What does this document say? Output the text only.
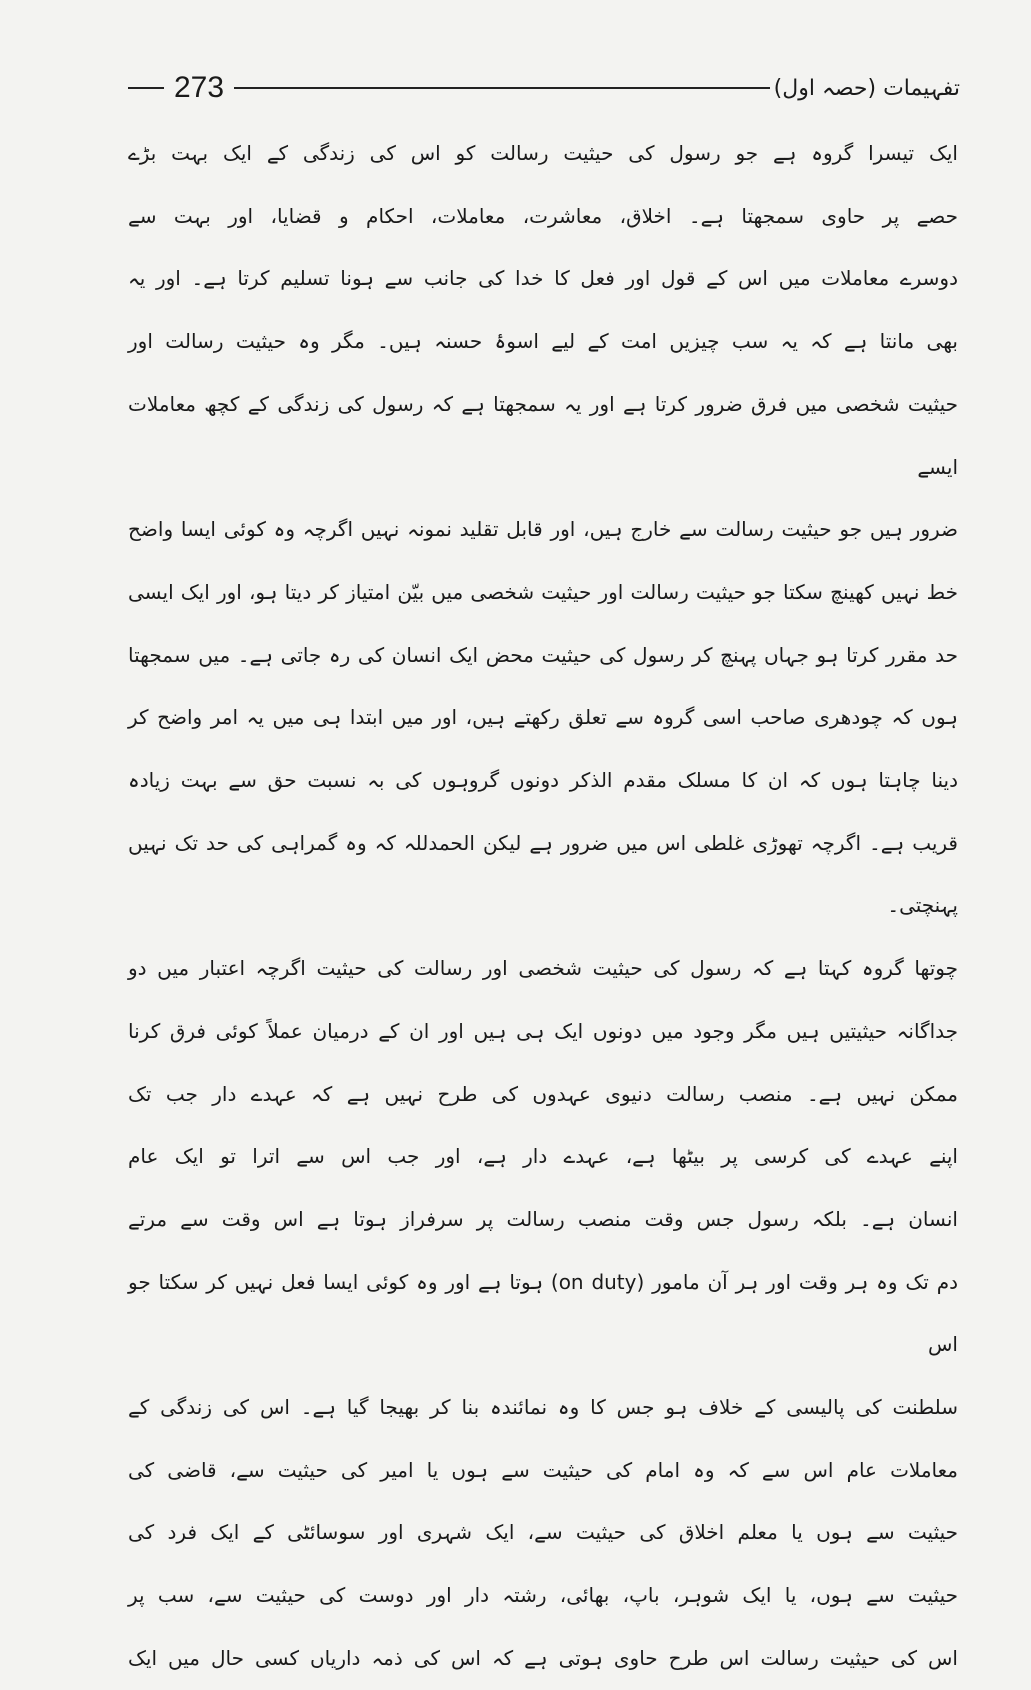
273	تفہیمات (حصہ اول)
ایک تیسرا گروہ ہے جو رسول کی حیثیت رسالت کو اس کی زندگی کے ایک بہت بڑے
حصے پر حاوی سمجھتا ہے۔ اخلاق، معاشرت، معاملات، احکام و قضایا، اور بہت سے
دوسرے معاملات میں اس کے قول اور فعل کا خدا کی جانب سے ہونا تسلیم کرتا ہے۔ اور یہ
بھی مانتا ہے کہ یہ سب چیزیں امت کے لیے اسوۂ حسنہ ہیں۔ مگر وہ حیثیت رسالت اور
حیثیت شخصی میں فرق ضرور کرتا ہے اور یہ سمجھتا ہے کہ رسول کی زندگی کے کچھ معاملات ایسے
ضرور ہیں جو حیثیت رسالت سے خارج ہیں، اور قابل تقلید نمونہ نہیں اگرچہ وہ کوئی ایسا واضح
خط نہیں کھینچ سکتا جو حیثیت رسالت اور حیثیت شخصی میں بیّن امتیاز کر دیتا ہو، اور ایک ایسی
حد مقرر کرتا ہو جہاں پہنچ کر رسول کی حیثیت محض ایک انسان کی رہ جاتی ہے۔ میں سمجھتا
ہوں کہ چودھری صاحب اسی گروہ سے تعلق رکھتے ہیں، اور میں ابتدا ہی میں یہ امر واضح کر
دینا چاہتا ہوں کہ ان کا مسلک مقدم الذکر دونوں گروہوں کی بہ نسبت حق سے بہت زیادہ
قریب ہے۔ اگرچہ تھوڑی غلطی اس میں ضرور ہے لیکن الحمدللہ کہ وہ گمراہی کی حد تک نہیں
پہنچتی۔
چوتھا گروہ کہتا ہے کہ رسول کی حیثیت شخصی اور رسالت کی حیثیت اگرچہ اعتبار میں دو
جداگانہ حیثیتیں ہیں مگر وجود میں دونوں ایک ہی ہیں اور ان کے درمیان عملاً کوئی فرق کرنا
ممکن نہیں ہے۔ منصب رسالت دنیوی عہدوں کی طرح نہیں ہے کہ عہدے دار جب تک
اپنے عہدے کی کرسی پر بیٹھا ہے، عہدے دار ہے، اور جب اس سے اترا تو ایک عام
انسان ہے۔ بلکہ رسول جس وقت منصب رسالت پر سرفراز ہوتا ہے اس وقت سے مرتے
دم تک وہ ہر وقت اور ہر آن مامور (on duty) ہوتا ہے اور وہ کوئی ایسا فعل نہیں کر سکتا جو اس
سلطنت کی پالیسی کے خلاف ہو جس کا وہ نمائندہ بنا کر بھیجا گیا ہے۔ اس کی زندگی کے
معاملات عام اس سے کہ وہ امام کی حیثیت سے ہوں یا امیر کی حیثیت سے، قاضی کی
حیثیت سے ہوں یا معلم اخلاق کی حیثیت سے، ایک شہری اور سوسائٹی کے ایک فرد کی
حیثیت سے ہوں، یا ایک شوہر، باپ، بھائی، رشتہ دار اور دوست کی حیثیت سے، سب پر
اس کی حیثیت رسالت اس طرح حاوی ہوتی ہے کہ اس کی ذمہ داریاں کسی حال میں ایک
